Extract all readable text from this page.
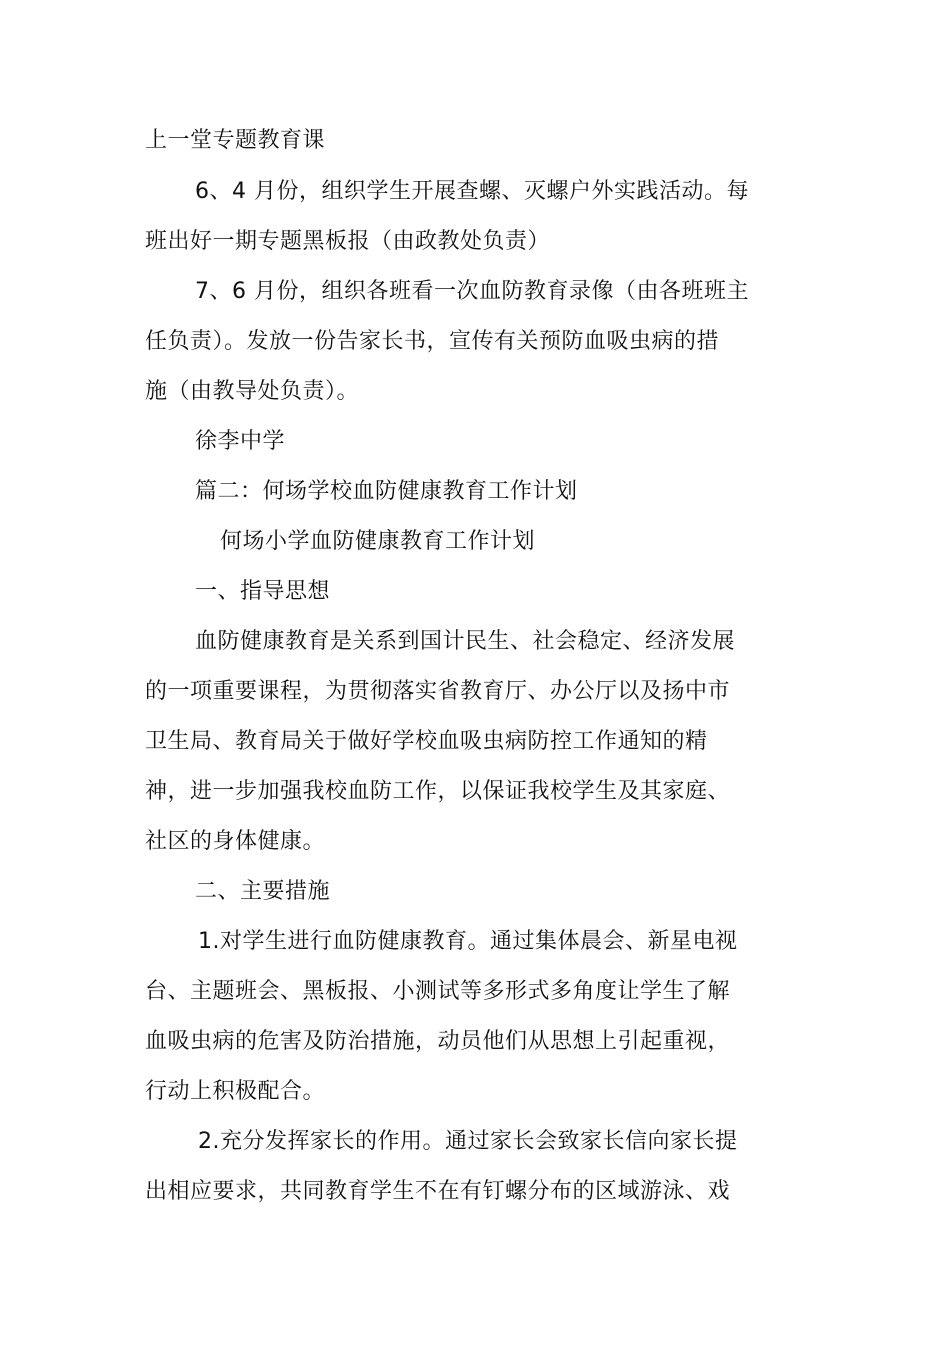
上一堂专题教育课
6、4 月份，组织学生开展查螺、灭螺户外实践活动。每
班出好一期专题黑板报（由政教处负责）
7、6 月份，组织各班看一次血防教育录像（由各班班主
任负责）。发放一份告家长书，宣传有关预防血吸虫病的措
施（由教导处负责）。
徐李中学
篇二：何场学校血防健康教育工作计划
何场小学血防健康教育工作计划
一、指导思想
血防健康教育是关系到国计民生、社会稳定、经济发展
的一项重要课程，为贯彻落实省教育厅、办公厅以及扬中市
卫生局、教育局关于做好学校血吸虫病防控工作通知的精
神，进一步加强我校血防工作，以保证我校学生及其家庭、
社区的身体健康。
二、主要措施
1.对学生进行血防健康教育。通过集体晨会、新星电视
台、主题班会、黑板报、小测试等多形式多角度让学生了解
血吸虫病的危害及防治措施，动员他们从思想上引起重视，
行动上积极配合。
2.充分发挥家长的作用。通过家长会致家长信向家长提
出相应要求，共同教育学生不在有钉螺分布的区域游泳、戏
